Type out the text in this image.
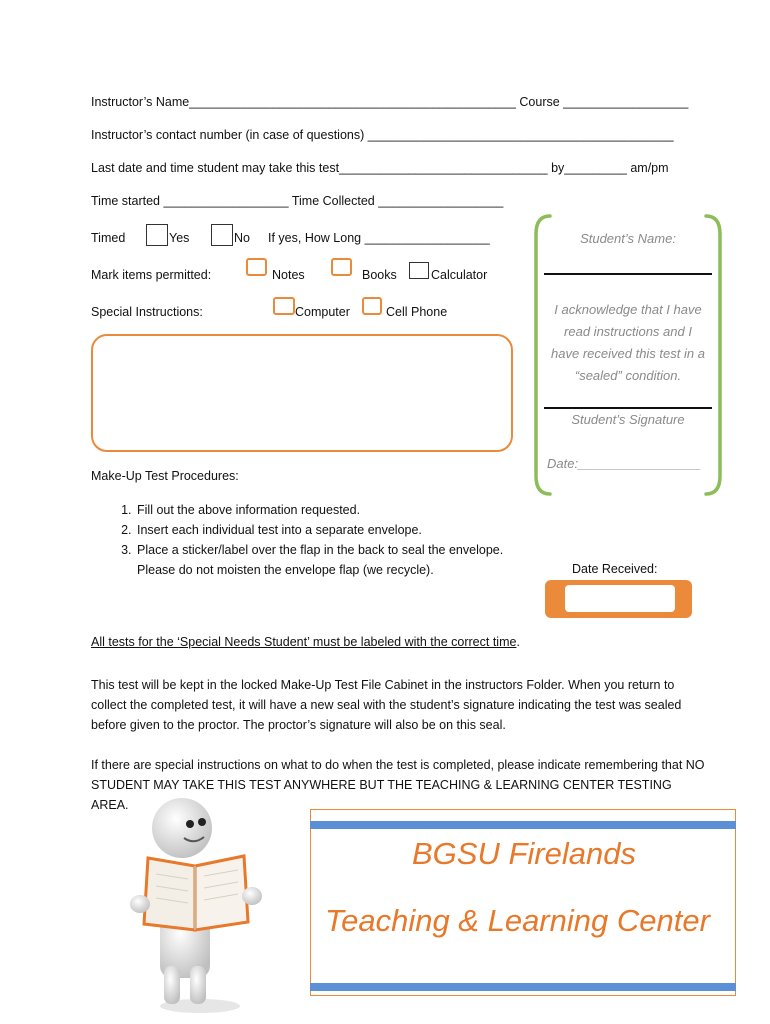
Instructor’s Name_______________________________________________ Course __________________
Instructor’s contact number (in case of questions) ____________________________________________
Last date and time student may take this test______________________________ by_________ am/pm
Time started __________________ Time Collected __________________
Timed	Yes	No If yes, How Long __________________
Mark items permitted:	Notes	Books	Calculator
Special Instructions:	Computer	Cell Phone
Student’s Name:
I acknowledge that I have
read instructions and I
have received this test in a
“sealed” condition.
Student’s Signature
Date:_________________
Make-Up Test Procedures:
1. Fill out the above information requested.
2. Insert each individual test into a separate envelope.
3. Place a sticker/label over the flap in the back to seal the envelope. Please do not moisten the envelope flap (we recycle).	Date Received:
All tests for the ‘Special Needs Student’ must be labeled with the correct time.
This test will be kept in the locked Make-Up Test File Cabinet in the instructors Folder. When you return to collect the completed test, it will have a new seal with the student’s signature indicating the test was sealed before given to the proctor. The proctor’s signature will also be on this seal.
If there are special instructions on what to do when the test is completed, please indicate remembering that NO STUDENT MAY TAKE THIS TEST ANYWHERE BUT THE TEACHING & LEARNING CENTER TESTING AREA.
BGSU Firelands
Teaching & Learning Center
